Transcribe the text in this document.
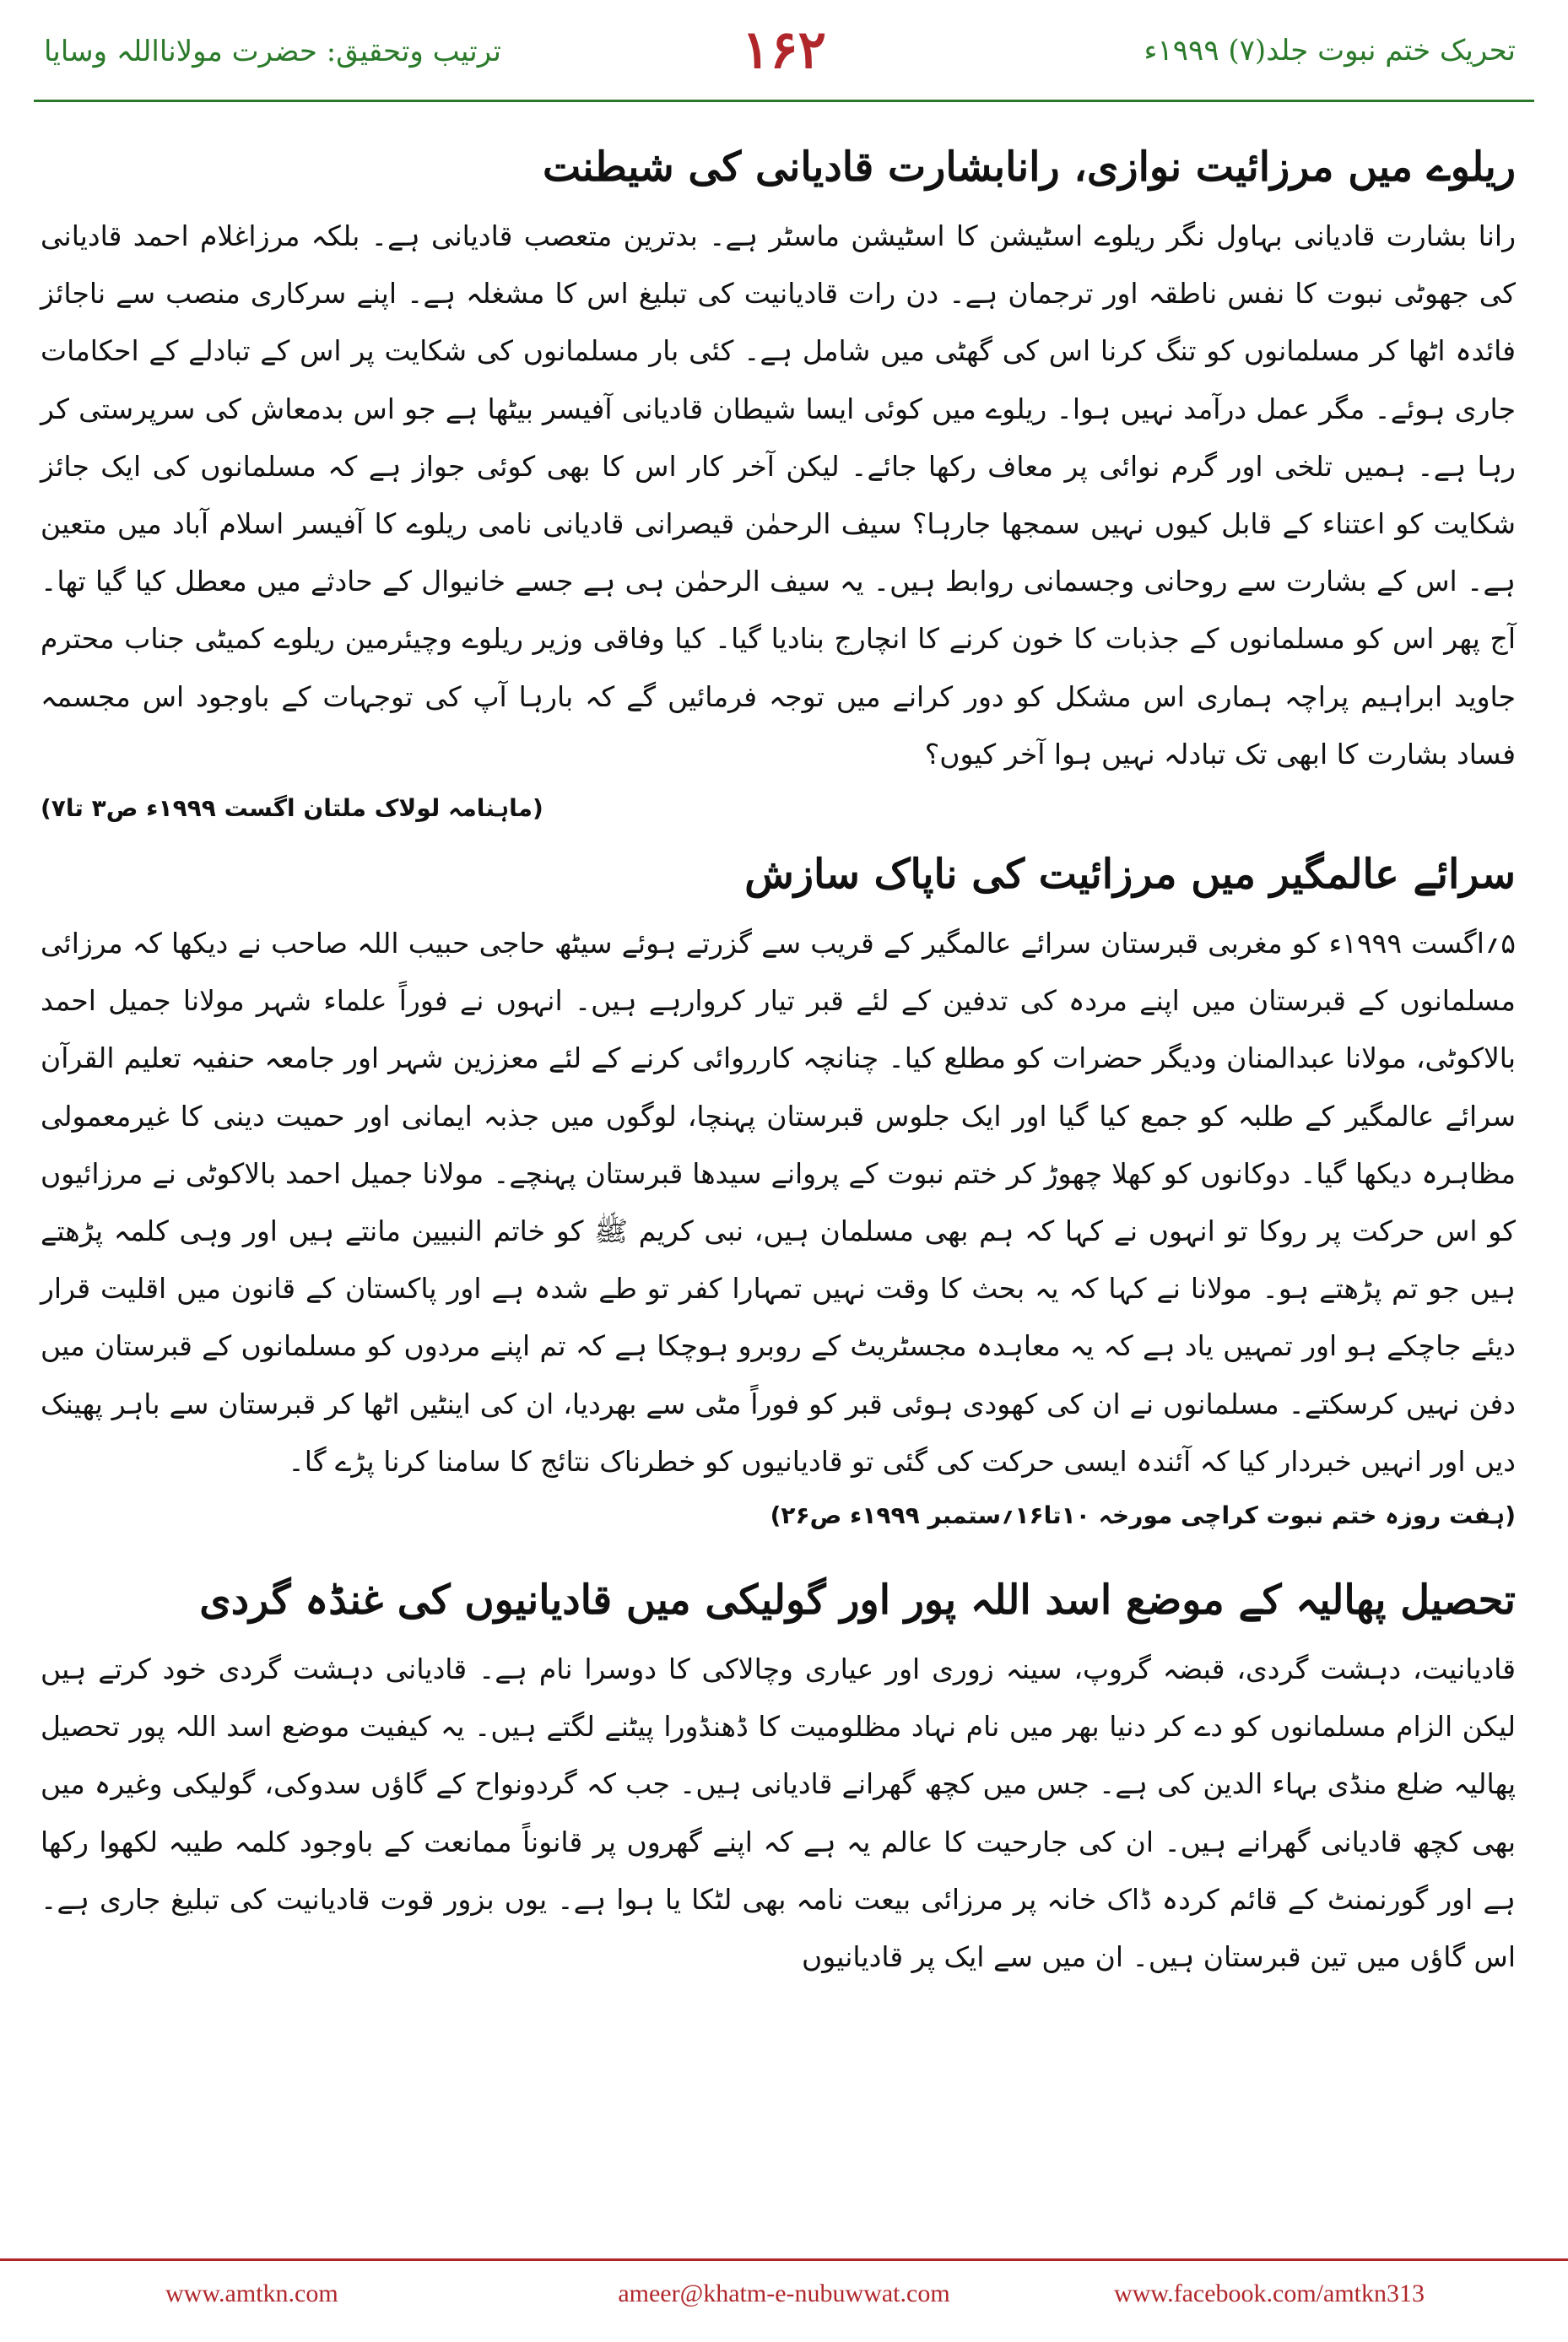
ترتیب وتحقیق: حضرت مولانااللہ وسایا	۱۶۲	تحریک ختم نبوت جلد(۷) ۱۹۹۹ء
ریلوے میں مرزائیت نوازی، رانابشارت قادیانی کی شیطنت

رانا بشارت قادیانی بہاول نگر ریلوے اسٹیشن کا اسٹیشن ماسٹر ہے۔ بدترین متعصب قادیانی ہے۔ بلکہ مرزاغلام احمد قادیانی کی جھوٹی نبوت کا نفس ناطقہ اور ترجمان ہے۔ دن رات قادیانیت کی تبلیغ اس کا مشغلہ ہے۔ اپنے سرکاری منصب سے ناجائز فائدہ اٹھا کر مسلمانوں کو تنگ کرنا اس کی گھٹی میں شامل ہے۔ کئی بار مسلمانوں کی شکایت پر اس کے تبادلے کے احکامات جاری ہوئے۔ مگر عمل درآمد نہیں ہوا۔ ریلوے میں کوئی ایسا شیطان قادیانی آفیسر بیٹھا ہے جو اس بدمعاش کی سرپرستی کر رہا ہے۔ ہمیں تلخی اور گرم نوائی پر معاف رکھا جائے۔ لیکن آخر کار اس کا بھی کوئی جواز ہے کہ مسلمانوں کی ایک جائز شکایت کو اعتناء کے قابل کیوں نہیں سمجھا جارہا؟ سیف الرحمٰن قیصرانی قادیانی نامی ریلوے کا آفیسر اسلام آباد میں متعین ہے۔ اس کے بشارت سے روحانی وجسمانی روابط ہیں۔ یہ سیف الرحمٰن ہی ہے جسے خانیوال کے حادثے میں معطل کیا گیا تھا۔ آج پھر اس کو مسلمانوں کے جذبات کا خون کرنے کا انچارج بنادیا گیا۔ کیا وفاقی وزیر ریلوے وچیئرمین ریلوے کمیٹی جناب محترم جاوید ابراہیم پراچہ ہماری اس مشکل کو دور کرانے میں توجہ فرمائیں گے کہ بارہا آپ کی توجہات کے باوجود اس مجسمہ فساد بشارت کا ابھی تک تبادلہ نہیں ہوا آخر کیوں؟

(ماہنامہ لولاک ملتان اگست ۱۹۹۹ء ص۳ تا۷)
سرائے عالمگیر میں مرزائیت کی ناپاک سازش

۵؍اگست ۱۹۹۹ء کو مغربی قبرستان سرائے عالمگیر کے قریب سے گزرتے ہوئے سیٹھ حاجی حبیب اللہ صاحب نے دیکھا کہ مرزائی مسلمانوں کے قبرستان میں اپنے مردہ کی تدفین کے لئے قبر تیار کروارہے ہیں۔ انہوں نے فوراً علماء شہر مولانا جمیل احمد بالاکوٹی، مولانا عبدالمنان ودیگر حضرات کو مطلع کیا۔ چنانچہ کارروائی کرنے کے لئے معززین شہر اور جامعہ حنفیہ تعلیم القرآن سرائے عالمگیر کے طلبہ کو جمع کیا گیا اور ایک جلوس قبرستان پہنچا، لوگوں میں جذبہ ایمانی اور حمیت دینی کا غیرمعمولی مظاہرہ دیکھا گیا۔ دوکانوں کو کھلا چھوڑ کر ختم نبوت کے پروانے سیدھا قبرستان پہنچے۔ مولانا جمیل احمد بالاکوٹی نے مرزائیوں کو اس حرکت پر روکا تو انہوں نے کہا کہ ہم بھی مسلمان ہیں، نبی کریم ﷺ کو خاتم النبیین مانتے ہیں اور وہی کلمہ پڑھتے ہیں جو تم پڑھتے ہو۔ مولانا نے کہا کہ یہ بحث کا وقت نہیں تمہارا کفر تو طے شدہ ہے اور پاکستان کے قانون میں اقلیت قرار دیئے جاچکے ہو اور تمہیں یاد ہے کہ یہ معاہدہ مجسٹریٹ کے روبرو ہوچکا ہے کہ تم اپنے مردوں کو مسلمانوں کے قبرستان میں دفن نہیں کرسکتے۔ مسلمانوں نے ان کی کھودی ہوئی قبر کو فوراً مٹی سے بھردیا، ان کی اینٹیں اٹھا کر قبرستان سے باہر پھینک دیں اور انہیں خبردار کیا کہ آئندہ ایسی حرکت کی گئی تو قادیانیوں کو خطرناک نتائج کا سامنا کرنا پڑے گا۔

(ہفت روزہ ختم نبوت کراچی مورخہ ۱۰تا۱۶؍ستمبر ۱۹۹۹ء ص۲۶)
تحصیل پھالیہ کے موضع اسد اللہ پور اور گولیکی میں قادیانیوں کی غنڈہ گردی

قادیانیت، دہشت گردی، قبضہ گروپ، سینہ زوری اور عیاری وچالاکی کا دوسرا نام ہے۔ قادیانی دہشت گردی خود کرتے ہیں لیکن الزام مسلمانوں کو دے کر دنیا بھر میں نام نہاد مظلومیت کا ڈھنڈورا پیٹنے لگتے ہیں۔ یہ کیفیت موضع اسد اللہ پور تحصیل پھالیہ ضلع منڈی بہاء الدین کی ہے۔ جس میں کچھ گھرانے قادیانی ہیں۔ جب کہ گردونواح کے گاؤں سدوکی، گولیکی وغیرہ میں بھی کچھ قادیانی گھرانے ہیں۔ ان کی جارحیت کا عالم یہ ہے کہ اپنے گھروں پر قانوناً ممانعت کے باوجود کلمہ طیبہ لکھوا رکھا ہے اور گورنمنٹ کے قائم کردہ ڈاک خانہ پر مرزائی بیعت نامہ بھی لٹکا یا ہوا ہے۔ یوں بزور قوت قادیانیت کی تبلیغ جاری ہے۔ اس گاؤں میں تین قبرستان ہیں۔ ان میں سے ایک پر قادیانیوں

www.amtkn.com	ameer@khatm-e-nubuwwat.com	www.facebook.com/amtkn313
